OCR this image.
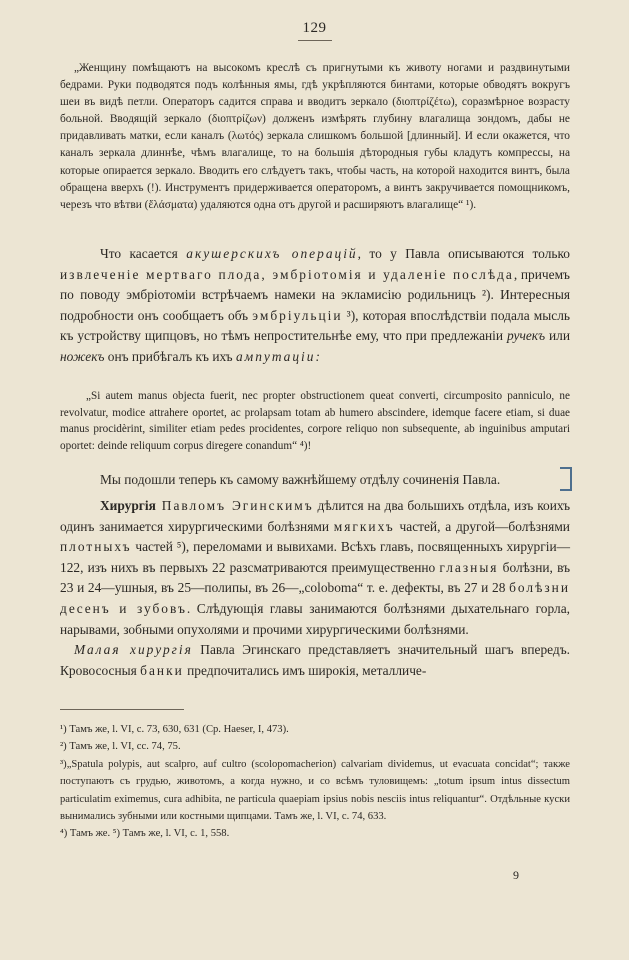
129

„Женщину помѣщаютъ на высокомъ креслѣ съ пригнутыми къ животу ногами и раздвинутыми бедрами. Руки подводятся подъ колѣнныя ямы, гдѣ укрѣпляются бинтами, которые обводятъ вокругъ шеи въ видѣ петли. Операторъ садится справа и вводитъ зеркало (διοπτρίζέτω), соразмѣрное возрасту больной. Вводящій зеркало (διοπτρίζων) долженъ измѣрять глубину влагалища зондомъ, дабы не придавливать матки, если каналъ (λωτός) зеркала слишкомъ большой [длинный]. И если окажется, что каналъ зеркала длиннѣе, чѣмъ влагалище, то на большія дѣтородныя губы кладутъ компрессы, на которые опирается зеркало. Вводить его слѣдуетъ такъ, чтобы часть, на которой находится винтъ, была обращена вверхъ (!). Инструментъ придерживается операторомъ, а винтъ закручивается помощникомъ, черезъ что вѣтви (ἔλάσματα) удаляются одна отъ другой и расширяютъ влагалище“ ¹).

Что касается акушерскихъ операцій, то у Павла описываются только извлеченіе мертваго плода, эмбріотомія и удаленіе послѣда, причемъ по поводу эмбріотоміи встрѣчаемъ намеки на экламисію родильницъ ²). Интересныя подробности онъ сообщаетъ объ эмбріульціи ³), которая впослѣдствіи подала мысль къ устройству щипцовъ, но тѣмъ непростительнѣе ему, что при предлежаніи ручекъ или ножекъ онъ прибѣгалъ къ ихъ ампутаціи:

„Si autem manus objecta fuerit, nec propter obstructionem queat converti, circumposito panniculo, ne revolvatur, modice attrahere oportet, ac prolapsam totam ab humero abscindere, idemque facere etiam, si duae manus procidèrint, similiter etiam pedes procidentes, corpore reliquo non subsequente, ab inguinibus amputari oportet: deinde reliquum corpus diregere conandum“ ⁴)!

Мы подошли теперь къ самому важнѣйшему отдѣлу сочиненія Павла.

Хирургія Павломъ Эгинскимъ дѣлится на два большихъ отдѣла, изъ коихъ одинъ занимается хирургическими болѣзнями мягкихъ частей, а другой—болѣзнями плотныхъ частей ⁵), переломами и вывихами. Всѣхъ главъ, посвященныхъ хирургіи—122, изъ нихъ въ первыхъ 22 разсматриваются преимущественно глазныя болѣзни, въ 23 и 24—ушныя, въ 25—полипы, въ 26—„colobomа“ т. е. дефекты, въ 27 и 28 болѣзни деcенъ и зубовъ. Слѣдующія главы занимаются болѣзнями дыхательнаго горла, нарывами, зобными опухолями и прочими хирургическими болѣзнями.

Малая хирургія Павла Эгинскаго представляетъ значительный шагъ впередъ. Кровососныя банки предпочитались имъ широкія, металличе-

¹) Тамъ же, l. VI, с. 73, 630, 631 (Ср. Haeser, I, 473).

²) Тамъ же, l. VI, сс. 74, 75.

³)„Spatula polypis, aut scalpro, auf cultro (scolopomacherion) calvariam dividemus, ut evacuata concidat“; также поступаютъ съ грудью, животомъ, а когда нужно, и со всѣмъ туловищемъ: „totum ipsum intus dissectum particulatim eximemus, cura adhibita, ne particula quaepiam ipsius nobis nesciis intus reliquantur“. Отдѣльные куски вынимались зубными или костными щипцами. Тамъ же, l. VI, с. 74, 633.

⁴) Тамъ же. ⁵) Тамъ же, l. VI, с. 1, 558.

9
